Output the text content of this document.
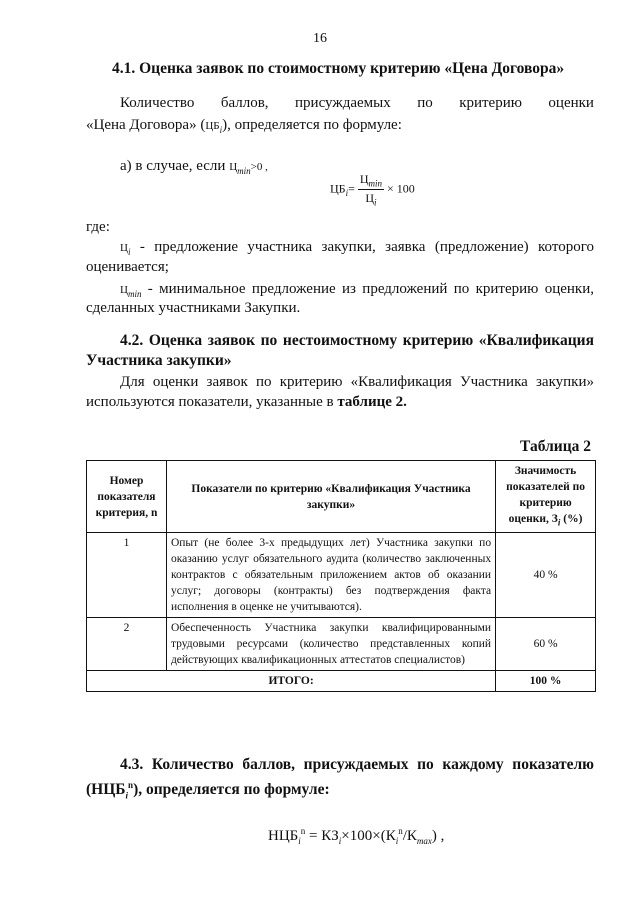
16
4.1. Оценка заявок по стоимостному критерию «Цена Договора»
Количество баллов, присуждаемых по критерию оценки
«Цена Договора» $(ЦБ_i)$, определяется по формуле:
а) в случае, если $Ц_{min}>0$ ,
$ЦБ_i= \frac{Ц_{min}}{Ц_i} \times 100$
где:
$Ц_i$ - предложение участника закупки, заявка (предложение) которого
оценивается;
$Ц_{min}$ - минимальное предложение из предложений по критерию оценки,
сделанных участниками Закупки.
4.2. Оценка заявок по нестоимостному критерию «Квалификация
Участника закупки»
Для оценки заявок по критерию «Квалификация Участника закупки»
используются показатели, указанные в таблице 2.
Таблица 2
Номер показателя критерия, n	Показатели по критерию «Квалификация Участника закупки»	Значимость показателей по критерию оценки, $З_i$ (%)
1	Опыт (не более 3-х предыдущих лет) Участника закупки по оказанию услуг обязательного аудита (количество заключенных контрактов с обязательным приложением актов об оказании услуг; договоры (контракты) без подтверждения факта исполнения в оценке не учитываются).	40 %
2	Обеспеченность Участника закупки квалифицированными трудовыми ресурсами (количество представленных копий действующих квалификационных аттестатов специалистов)	60 %
ИТОГО:		100 %
4.3. Количество баллов, присуждаемых по каждому показателю
$(НЦБ_i^n)$, определяется по формуле:
$НЦБ_i^n = КЗ_i\times 100\times(К_i^n/К_{max})$ ,
